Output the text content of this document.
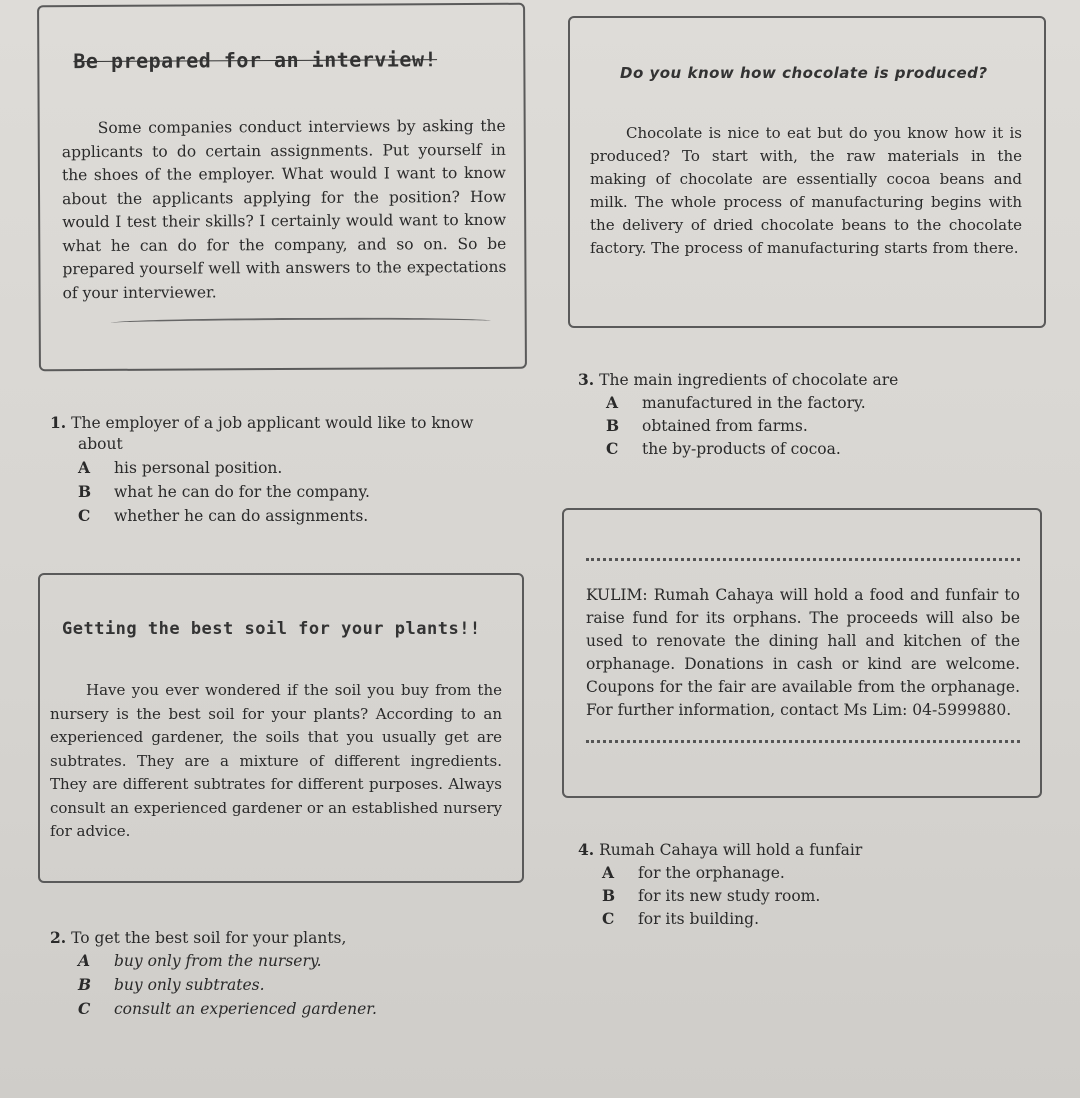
Be prepared for an interview!

Some companies conduct interviews by asking the applicants to do certain assignments. Put yourself in the shoes of the employer. What would I want to know about the applicants applying for the position? How would I test their skills? I certainly would want to know what he can do for the company, and so on. So be prepared yourself well with answers to the expectations of your interviewer.

Do you know how chocolate is produced?

Chocolate is nice to eat but do you know how it is produced? To start with, the raw materials in the making of chocolate are essentially cocoa beans and milk. The whole process of manufacturing begins with the delivery of dried chocolate beans to the chocolate factory. The process of manufacturing starts from there.

3. The main ingredients of chocolate are
A manufactured in the factory.
B obtained from farms.
C the by-products of cocoa.
1. The employer of a job applicant would like to know
about
A his personal position.
B what he can do for the company.
C whether he can do assignments.
KULIM: Rumah Cahaya will hold a food and funfair to raise fund for its orphans. The proceeds will also be used to renovate the dining hall and kitchen of the orphanage. Donations in cash or kind are welcome. Coupons for the fair are available from the orphanage. For further information, contact Ms Lim: 04-5999880.
Getting the best soil for your plants!!

Have you ever wondered if the soil you buy from the nursery is the best soil for your plants? According to an experienced gardener, the soils that you usually get are subtrates. They are a mixture of different ingredients. They are different subtrates for different purposes. Always consult an experienced gardener or an established nursery for advice.

4. Rumah Cahaya will hold a funfair
A for the orphanage.
B for its new study room.
C for its building.
2. To get the best soil for your plants,
A buy only from the nursery.
B buy only subtrates.
C consult an experienced gardener.
